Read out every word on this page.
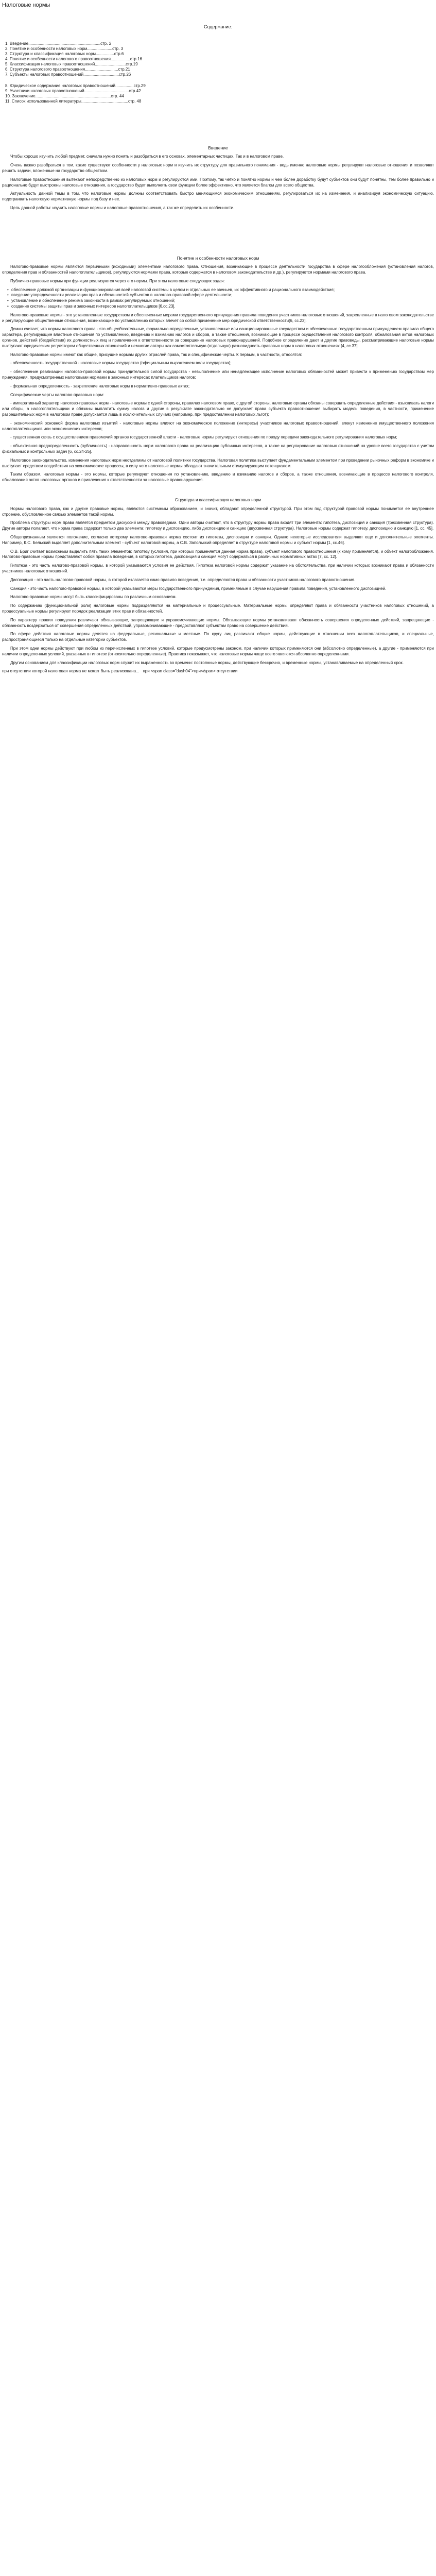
Налоговые нормы
Содержание:
1. Введение...............................................................стр. 2
2. Понятие и особенности налоговых норм......................стр. 3
3. Структура и классификация налоговых норм................стр.6
4. Понятие и особенности налогового правоотношения.................стр.16
5. Классификация налоговых правоотношений...........................стр.19
6. Структура налогового правоотношения.............................стр.21
7. Субъекты налоговых правоотношений...............................стр.26
8. Юридическое содержание налоговых правоотношений................стр.29
9. Участники налоговых правоотношений.......................................стр.42
10. Заключение..................................................................стр. 44
11. Список использованной литературы.........................................стр. 48
Введение

Чтобы хорошо изучить любой предмет, сначала нужно понять и разобраться в его основах, элементарных частицах. Так и в налоговом праве.

Очень важно разобраться в том, какие существуют особенности у налоговых норм и изучить их структуру для правильного понимания - ведь именно налоговые нормы регулируют налоговые отношения и позволяют решать задачи, вложенные на государство обществом.

Налоговые правоотношения вытекают непосредственно из налоговых норм и регулируются ими. Поэтому, так четко и понятно нормы и чем более доработку будут субъектов они будут понятны, тем более правильно и рационально будут выстроены налоговые отношения, а государство будет выполнять свои функции более эффективно, что является благом для всего общества.

Актуальность данной темы в том, что налоговые нормы должны соответствовать быстро меняющимся экономическим отношениям, регулироваться их на изменения, и анализируя экономическую ситуацию, подстраивать налоговую нормативную нормы под базу и нее.

Цель данной работы: изучить налоговые нормы и налоговые правоотношения, а так же определить их особенности.

Понятие и особенности налоговых норм

Налогово-правовые нормы являются первичными (исходными) элементами налогового права. Отношения, возникающие в процессе деятельности государства в сфере налогообложения (установления налогов, определения прав и обязанностей налогоплательщиков), регулируются нормами права, которые содержатся в налоговом законодательстве и др.), регулируются нормами налогового права.

Публично-правовые нормы при функции реализуются через его нормы. При этом налоговые следующих задач:

• обеспечение должной организации и функционирования всей налоговой системы в целом и отдельных ее звеньев, их эффективного и рационального взаимодействия;
• введение упорядоченности реализации прав и обязанностей субъектов в налогово-правовой сфере деятельности;
• установление и обеспечение режима законности в рамках регулируемых отношений;
• создание системы защиты прав и законных интересов налогоплательщиков [6,сс.23].

Налогово-правовые нормы - это установленные государством и обеспеченные мерами государственного принуждения правила поведения участников налоговых отношений, закрепленные в налоговом законодательстве и регулирующие общественные отношения, возникающие по установлению которых влечет со собой применение мер юридической ответственности[6, сс.23].

Демин считает, что нормы налогового права - это общеобязательные, формально-определенные, установленные или санкционированные государством и обеспеченные государственным принуждением правила общего характера, регулирующие властные отношения по установлению, введению и взиманию налогов и сборов, а также отношения, возникающие в процессе осуществления налогового контроля, обжалования актов налоговых органов, действий (бездействия) их должностных лиц и привлечения к ответственности за совершение налоговых правонарушений. Подобное определение дают и другие правоведы, рассматривающие налоговые нормы выступают юридическим регулятором общественных отношений и немногие авторы как самостоятельную (отдельную) разновидность правовых норм в налоговых отношениях [4, сс.37].

Налогово-правовые нормы имеют как общие, присущие нормам других отраслей права, так и специфические черты. К первым, в частности, относятся:

- обеспеченность государственной - налоговые нормы государство (официальным выражением воли государства);

- обеспечение реализации налогово-правовой нормы принудительной силой государства - невыполнение или ненадлежащее исполнение налоговых обязанностей может привести к применению государством мер принуждения, предусмотренных налоговыми нормами в законных интересах плательщиков налогов;

- формальная определенность - закрепление налоговых норм в нормативно-правовых актах;

Специфические черты налогово-правовых норм:

- императивный характер налогово-правовых норм - налоговые нормы с одной стороны, правилах налоговом праве, с другой стороны, налоговые органы обязаны совершать определенные действия - взыскивать налоги или сборы, а налогоплательщики и обязаны выплатить сумму налога и другие в результате законодательно не допускает права субъекта правоотношения выбирать модель поведения, в частности, применение разрешительных норм в налоговом праве допускается лишь в исключительных случаях (например, при предоставлении налоговых льгот);

- экономический основной форма налоговых изъятий - налоговые нормы влияют на экономическое положение (интересы) участников налоговых правоотношений, влекут изменение имущественного положения налогоплательщиков или экономических интересов;

- существенная связь с осуществлением правомочий органов государственной власти - налоговые нормы регулируют отношения по поводу передачи законодательного регулирования налоговых норм;

- объективная предопределенность (публичность) - направленность норм налогового права на реализацию публичных интересов, а также на регулирование налоговых отношений на уровне всего государства с учетом фискальных и контрольных задач [6, сс.24-25].

Налоговое законодательство, изменения налоговых норм неотделимы от налоговой политики государства. Налоговая политика выступает фундаментальным элементом при проведении рыночных реформ в экономике и выступает средством воздействия на экономические процессы, в силу чего налоговые нормы обладают значительным стимулирующим потенциалом.

Таким образом, налоговые нормы - это нормы, которые регулируют отношения по установлению, введению и взиманию налогов и сборов, а также отношения, возникающие в процессе налогового контроля, обжалования актов налоговых органов и привлечения к ответственности за налоговые правонарушения.

Структура и классификация налоговых норм

Нормы налогового права, как и другие правовые нормы, являются системным образованием, и значит, обладают определенной структурой. При этом под структурой правовой нормы понимается ее внутреннее строение, обусловленное связью элементов такой нормы.

Проблема структуры норм права является предметом дискуссий между правоведами. Одни авторы считают, что в структуру нормы права входят три элемента: гипотеза, диспозиция и санкция (трехзвенная структура). Другие авторы полагают, что норма права содержит только два элемента: гипотезу и диспозицию, либо диспозицию и санкцию (двухзвенная структура). Налоговые нормы содержат гипотезу, диспозицию и санкцию [1, сс. 45].

Общепризнанным является положение, согласно которому налогово-правовая норма состоит из гипотезы, диспозиции и санкции. Однако некоторые исследователи выделяют еще и дополнительные элементы. Например, К.С. Бельский выделяет дополнительным элемент - субъект налоговой нормы, а С.В. Запольский определяет в структуре налоговой нормы и субъект нормы [1, сс.46].

О.В. Бриг считает возможным выделить пять таких элементов: гипотезу (условия, при которых применяется данная норма права), субъект налогового правоотношения (к кому применяется), и объект налогообложения. Налогово-правовые нормы представляют собой правила поведения, в которых гипотеза, диспозиция и санкция могут содержаться в различных нормативных актах [7, сс. 12].

Гипотеза - это часть налогово-правовой нормы, в которой указываются условия ее действия. Гипотеза налоговой нормы содержит указание на обстоятельства, при наличии которых возникают права и обязанности участников налоговых отношений.

Диспозиция - это часть налогово-правовой нормы, в которой излагается само правило поведения, т.е. определяются права и обязанности участников налогового правоотношения.

Санкция - это часть налогово-правовой нормы, в которой указываются меры государственного принуждения, применяемые в случае нарушения правила поведения, установленного диспозицией.

Налогово-правовые нормы могут быть классифицированы по различным основаниям.

По содержанию (функциональной роли) налоговые нормы подразделяются на материальные и процессуальные. Материальные нормы определяют права и обязанности участников налоговых отношений, а процессуальные нормы регулируют порядок реализации этих прав и обязанностей.

По характеру правил поведения различают обязывающие, запрещающие и управомочивающие нормы. Обязывающие нормы устанавливают обязанность совершения определенных действий, запрещающие - обязанность воздержаться от совершения определенных действий, управомочивающие - предоставляют субъектам право на совершение действий.

По сфере действия налоговые нормы делятся на федеральные, региональные и местные. По кругу лиц различают общие нормы, действующие в отношении всех налогоплательщиков, и специальные, распространяющиеся только на отдельные категории субъектов.

При этом одни нормы действуют при любом из перечисленных в гипотезе условий, которые предусмотрены законом, при наличии которых применяются они (абсолютно определенные), а другие - применяются при наличии определенных условий, указанных в гипотезе (относительно определенные). Практика показывает, что налоговые нормы чаще всего являются абсолютно определенными.

Другим основанием для классификации налоговых норм служит их выраженность во времени: постоянные нормы, действующие бессрочно, и временные нормы, устанавливаемые на определенный срок.

при отсутствии которой налоговая норма не может быть реализована...   при <span class="dash04">при</span> отсутствии
